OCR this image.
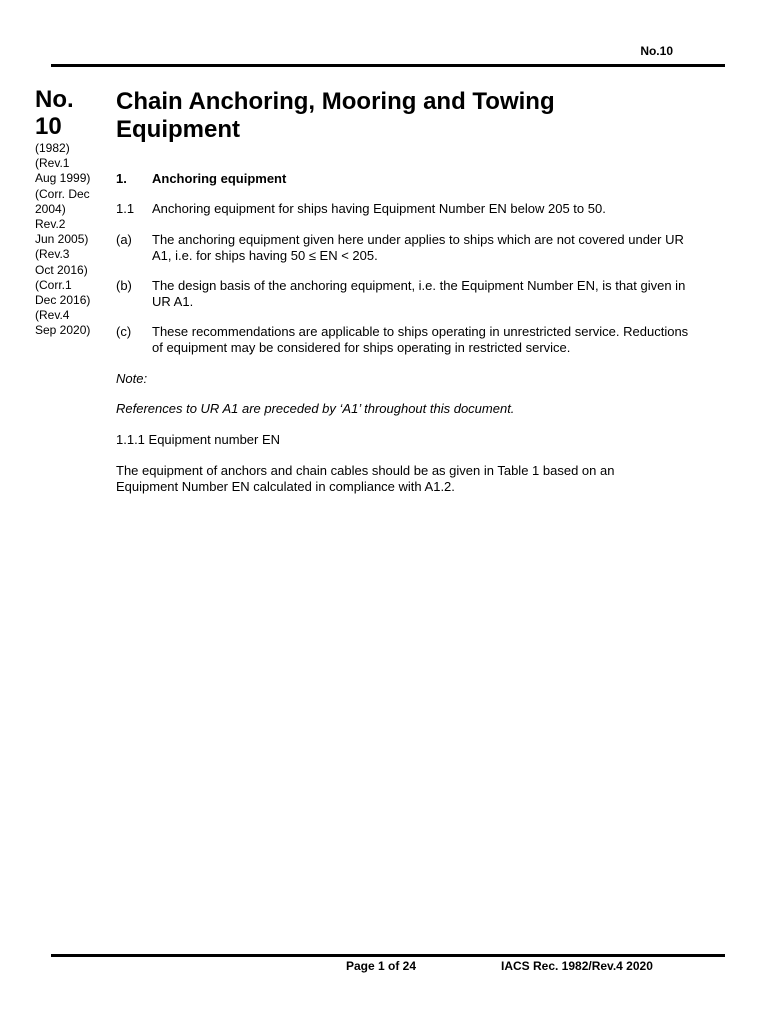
No.10
No.
10
(1982)
(Rev.1
Aug 1999)
(Corr. Dec
2004)
Rev.2
Jun 2005)
(Rev.3
Oct 2016)
(Corr.1
Dec 2016)
(Rev.4
Sep 2020)
Chain Anchoring, Mooring and Towing
Equipment
1. Anchoring equipment
1.1 Anchoring equipment for ships having Equipment Number EN below 205 to 50.
(a) The anchoring equipment given here under applies to ships which are not covered under UR A1, i.e. for ships having 50 ≤ EN < 205.
(b) The design basis of the anchoring equipment, i.e. the Equipment Number EN, is that given in UR A1.
(c) These recommendations are applicable to ships operating in unrestricted service. Reductions of equipment may be considered for ships operating in restricted service.
Note:
References to UR A1 are preceded by ‘A1’ throughout this document.
1.1.1 Equipment number EN
The equipment of anchors and chain cables should be as given in Table 1 based on an Equipment Number EN calculated in compliance with A1.2.
Page 1 of 24	IACS Rec. 1982/Rev.4 2020
